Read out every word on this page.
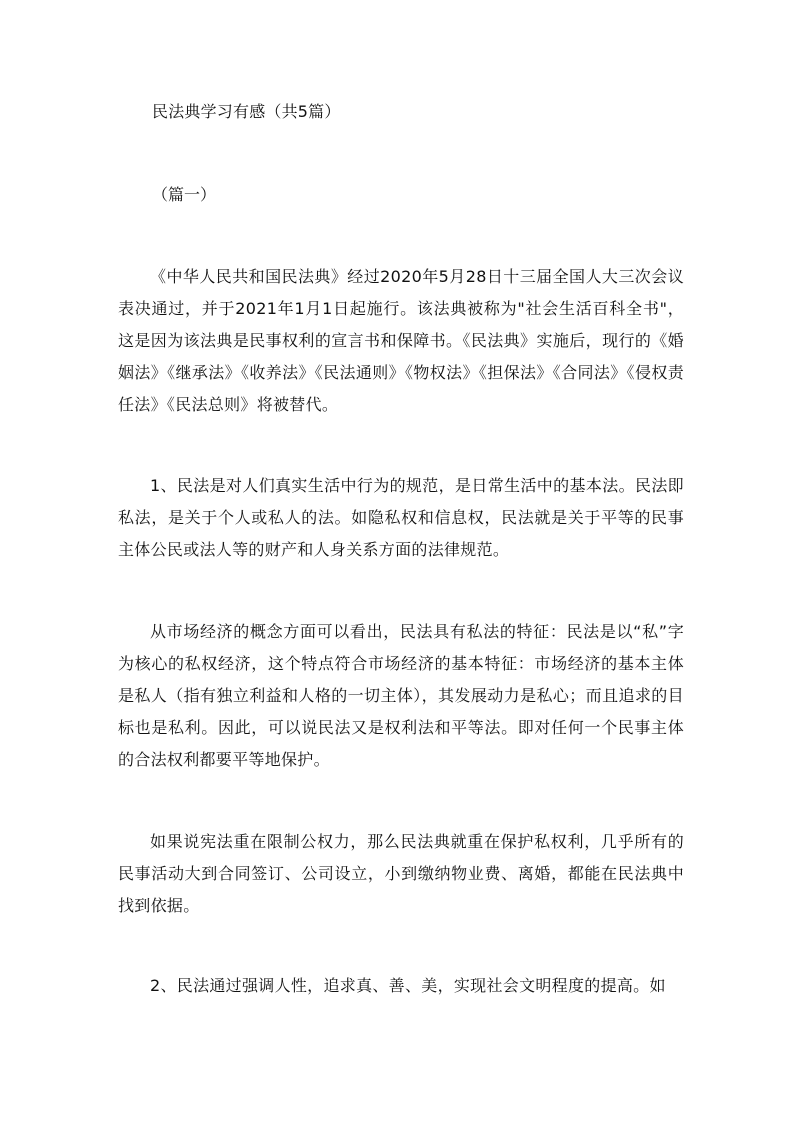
民法典学习有感（共5篇）
（篇一）
《中华人民共和国民法典》经过2020年5月28日十三届全国人大三次会议表决通过，并于2021年1月1日起施行。该法典被称为"社会生活百科全书"，这是因为该法典是民事权利的宣言书和保障书。《民法典》实施后，现行的《婚姻法》《继承法》《收养法》《民法通则》《物权法》《担保法》《合同法》《侵权责任法》《民法总则》将被替代。
1、民法是对人们真实生活中行为的规范，是日常生活中的基本法。民法即私法，是关于个人或私人的法。如隐私权和信息权，民法就是关于平等的民事主体公民或法人等的财产和人身关系方面的法律规范。
从市场经济的概念方面可以看出，民法具有私法的特征：民法是以“私”字为核心的私权经济，这个特点符合市场经济的基本特征：市场经济的基本主体是私人（指有独立利益和人格的一切主体），其发展动力是私心；而且追求的目标也是私利。因此，可以说民法又是权利法和平等法。即对任何一个民事主体的合法权利都要平等地保护。
如果说宪法重在限制公权力，那么民法典就重在保护私权利，几乎所有的民事活动大到合同签订、公司设立，小到缴纳物业费、离婚，都能在民法典中找到依据。
2、民法通过强调人性，追求真、善、美，实现社会文明程度的提高。如
